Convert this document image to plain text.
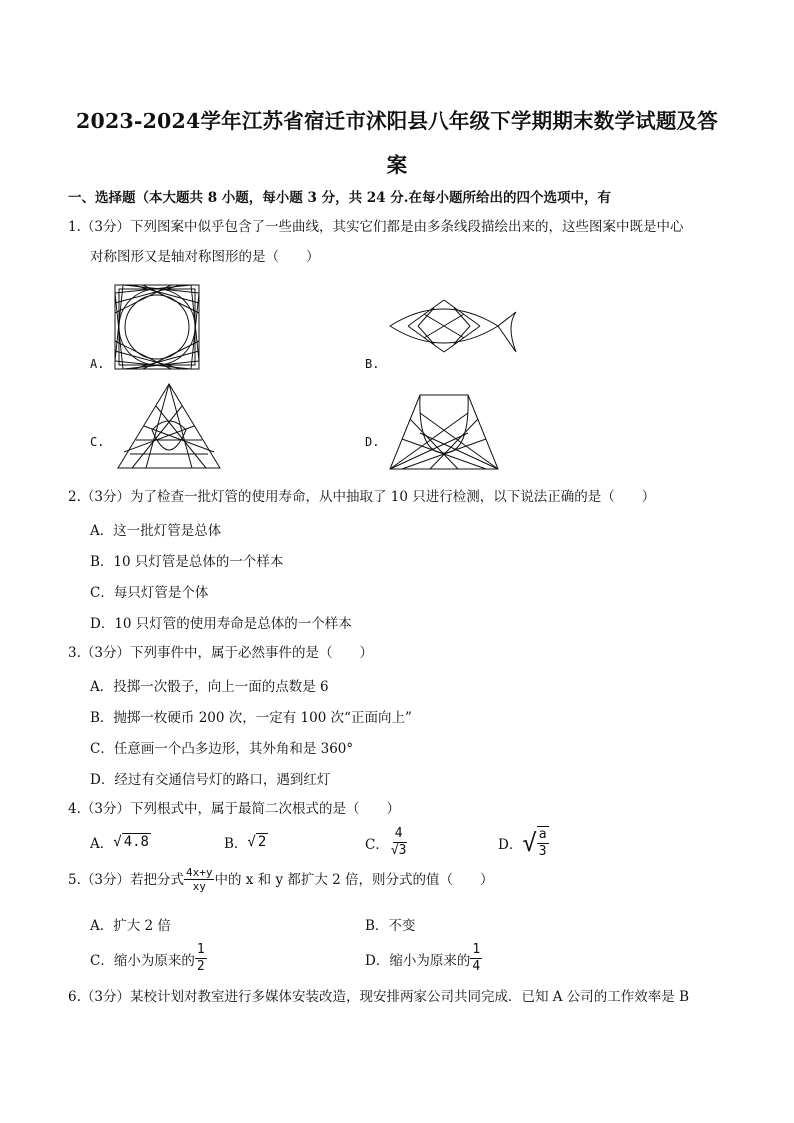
2023-2024学年江苏省宿迁市沭阳县八年级下学期期末数学试题及答
案
一、选择题（本大题共 8 小题，每小题 3 分，共 24 分.在每小题所给出的四个选项中，有
1.（3分）下列图案中似乎包含了一些曲线，其实它们都是由多条线段描绘出来的，这些图案中既是中心
对称图形又是轴对称图形的是（　　）
A.	B.
C.	D.
2.（3分）为了检查一批灯管的使用寿命，从中抽取了 10 只进行检测，以下说法正确的是（　　）
A．这一批灯管是总体
B．10 只灯管是总体的一个样本
C．每只灯管是个体
D．10 只灯管的使用寿命是总体的一个样本
3.（3分）下列事件中，属于必然事件的是（　　）
A．投掷一次骰子，向上一面的点数是 6
B．抛掷一枚硬币 200 次，一定有 100 次“正面向上”
C．任意画一个凸多边形，其外角和是 360°
D．经过有交通信号灯的路口，遇到红灯
4.（3分）下列根式中，属于最简二次根式的是（　　）
A． √ 4.8	B． √ 2	C． $\frac{4}{√3}$	D． √ $\frac{a}{3}$
5.（3分）若把分式 $\frac{4x+y}{xy}$ 中的 x 和 y 都扩大 2 倍，则分式的值（　　）
A．扩大 2 倍	B．不变
C．缩小为原来的 $\frac{1}{2}$	D．缩小为原来的 $\frac{1}{4}$
6.（3分）某校计划对教室进行多媒体安装改造，现安排两家公司共同完成．已知 A 公司的工作效率是 B
